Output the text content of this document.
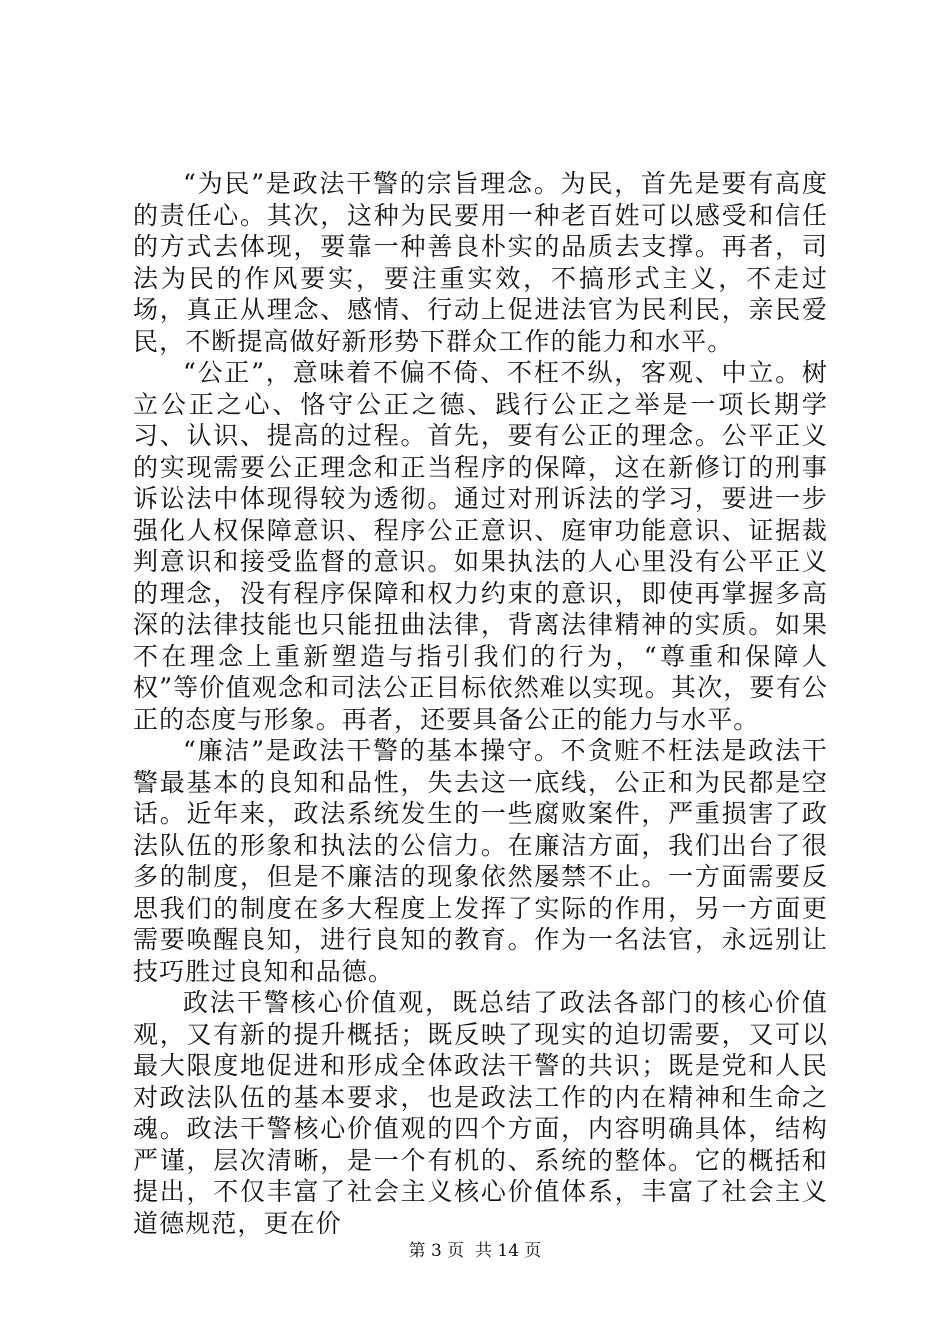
“为民”是政法干警的宗旨理念。为民，首先是要有高度的责任心。其次，这种为民要用一种老百姓可以感受和信任的方式去体现，要靠一种善良朴实的品质去支撑。再者，司法为民的作风要实，要注重实效，不搞形式主义，不走过场，真正从理念、感情、行动上促进法官为民利民，亲民爱民，不断提高做好新形势下群众工作的能力和水平。

“公正”，意味着不偏不倚、不枉不纵，客观、中立。树立公正之心、恪守公正之德、践行公正之举是一项长期学习、认识、提高的过程。首先，要有公正的理念。公平正义的实现需要公正理念和正当程序的保障，这在新修订的刑事诉讼法中体现得较为透彻。通过对刑诉法的学习，要进一步强化人权保障意识、程序公正意识、庭审功能意识、证据裁判意识和接受监督的意识。如果执法的人心里没有公平正义的理念，没有程序保障和权力约束的意识，即使再掌握多高深的法律技能也只能扭曲法律，背离法律精神的实质。如果不在理念上重新塑造与指引我们的行为，“尊重和保障人权”等价值观念和司法公正目标依然难以实现。其次，要有公正的态度与形象。再者，还要具备公正的能力与水平。

“廉洁”是政法干警的基本操守。不贪赃不枉法是政法干警最基本的良知和品性，失去这一底线，公正和为民都是空话。近年来，政法系统发生的一些腐败案件，严重损害了政法队伍的形象和执法的公信力。在廉洁方面，我们出台了很多的制度，但是不廉洁的现象依然屡禁不止。一方面需要反思我们的制度在多大程度上发挥了实际的作用，另一方面更需要唤醒良知，进行良知的教育。作为一名法官，永远别让技巧胜过良知和品德。

政法干警核心价值观，既总结了政法各部门的核心价值观，又有新的提升概括；既反映了现实的迫切需要，又可以最大限度地促进和形成全体政法干警的共识；既是党和人民对政法队伍的基本要求，也是政法工作的内在精神和生命之魂。政法干警核心价值观的四个方面，内容明确具体，结构严谨，层次清晰，是一个有机的、系统的整体。它的概括和提出，不仅丰富了社会主义核心价值体系，丰富了社会主义道德规范，更在价

第 3 页 共 14 页
